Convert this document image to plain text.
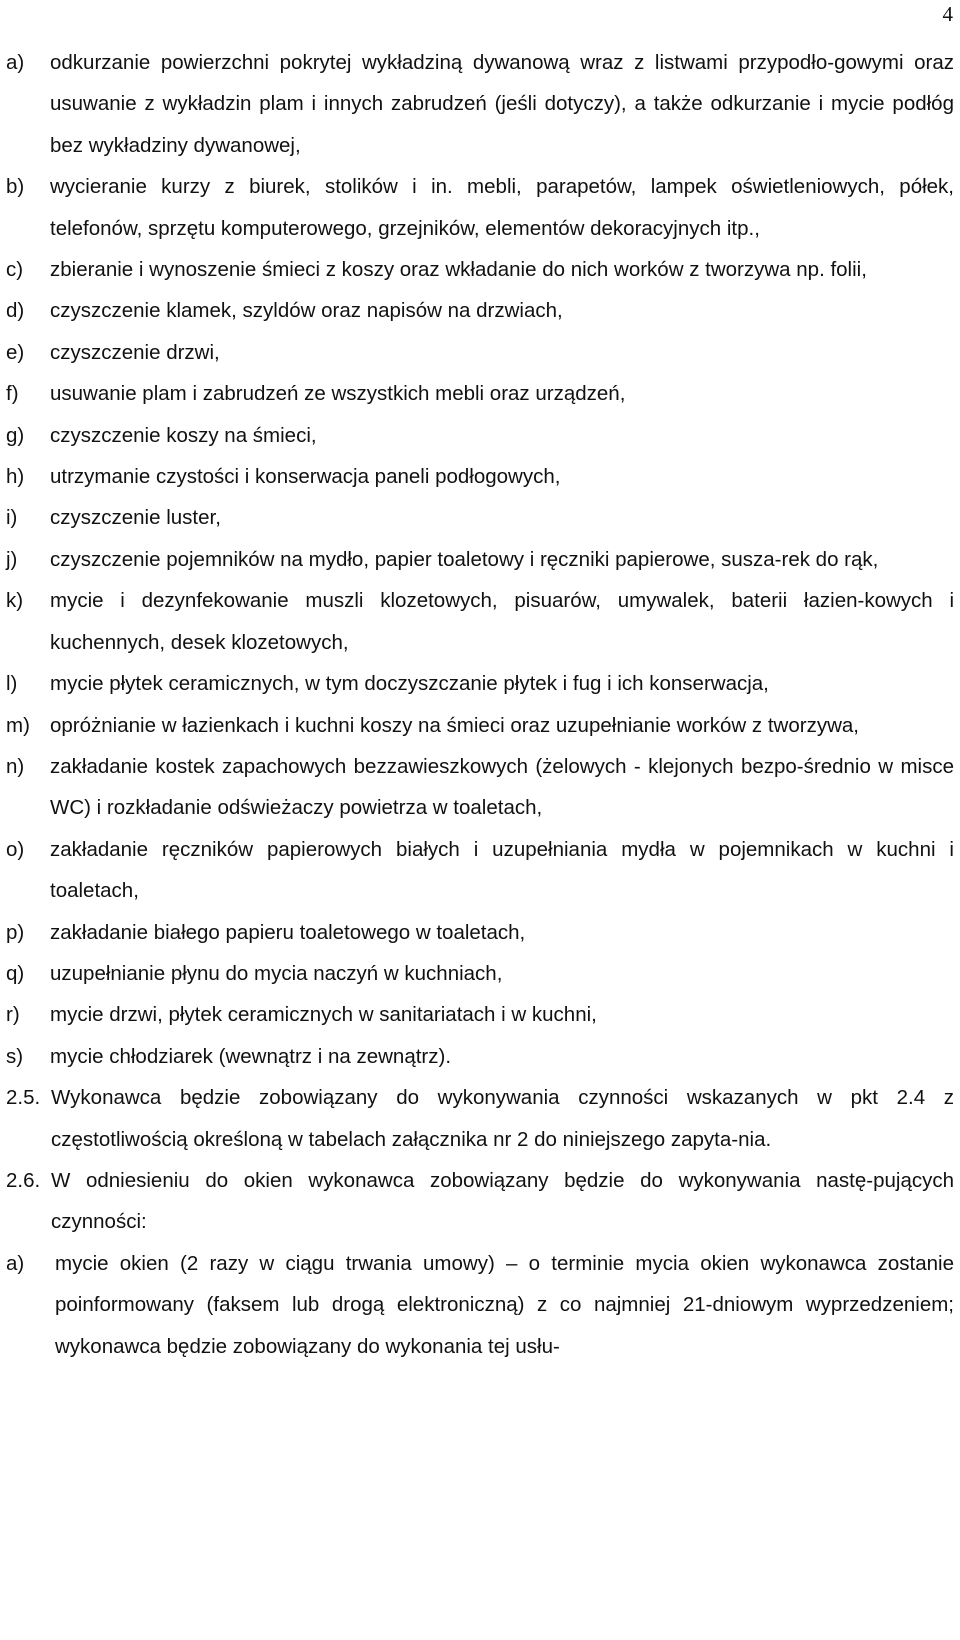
4
a)	odkurzanie powierzchni pokrytej wykładziną dywanową wraz z listwami przypodło-gowymi oraz usuwanie z wykładzin plam i innych zabrudzeń (jeśli dotyczy), a także odkurzanie i mycie podłóg bez wykładziny dywanowej,
b)	wycieranie kurzy z biurek, stolików i in. mebli, parapetów, lampek oświetleniowych, półek, telefonów, sprzętu komputerowego, grzejników, elementów dekoracyjnych itp.,
c)	zbieranie i wynoszenie śmieci z koszy oraz wkładanie do nich worków z tworzywa np. folii,
d)	czyszczenie klamek, szyldów oraz napisów na drzwiach,
e)	czyszczenie drzwi,
f)	usuwanie plam i zabrudzeń ze wszystkich mebli oraz urządzeń,
g)	czyszczenie koszy na śmieci,
h)	utrzymanie czystości i konserwacja paneli podłogowych,
i)	czyszczenie luster,
j)	czyszczenie pojemników na mydło, papier toaletowy i ręczniki papierowe, susza-rek do rąk,
k)	mycie i dezynfekowanie muszli klozetowych, pisuarów, umywalek, baterii łazien-kowych i kuchennych, desek klozetowych,
l)	mycie płytek ceramicznych, w tym doczyszczanie płytek i fug i ich konserwacja,
m) opróżnianie w łazienkach i kuchni koszy na śmieci oraz uzupełnianie worków z tworzywa,
n)	zakładanie kostek zapachowych bezzawieszkowych (żelowych - klejonych bezpo-średnio w misce WC) i rozkładanie odświeżaczy powietrza w toaletach,
o)	zakładanie ręczników papierowych białych i uzupełniania mydła w pojemnikach w kuchni i toaletach,
p)	zakładanie białego papieru toaletowego w toaletach,
q)	uzupełnianie płynu do mycia naczyń w kuchniach,
r)	mycie drzwi, płytek ceramicznych w sanitariatach i w kuchni,
s)	mycie chłodziarek (wewnątrz i na zewnątrz).
2.5. Wykonawca będzie zobowiązany do wykonywania czynności wskazanych w pkt 2.4 z częstotliwością określoną w tabelach załącznika nr 2 do niniejszego zapyta-nia.
2.6. W odniesieniu do okien wykonawca zobowiązany będzie do wykonywania nastę-pujących czynności:
a)	mycie okien (2 razy w ciągu trwania umowy) – o terminie mycia okien wykonawca zostanie poinformowany (faksem lub drogą elektroniczną) z co najmniej 21-dniowym wyprzedzeniem; wykonawca będzie zobowiązany do wykonania tej usłu-
